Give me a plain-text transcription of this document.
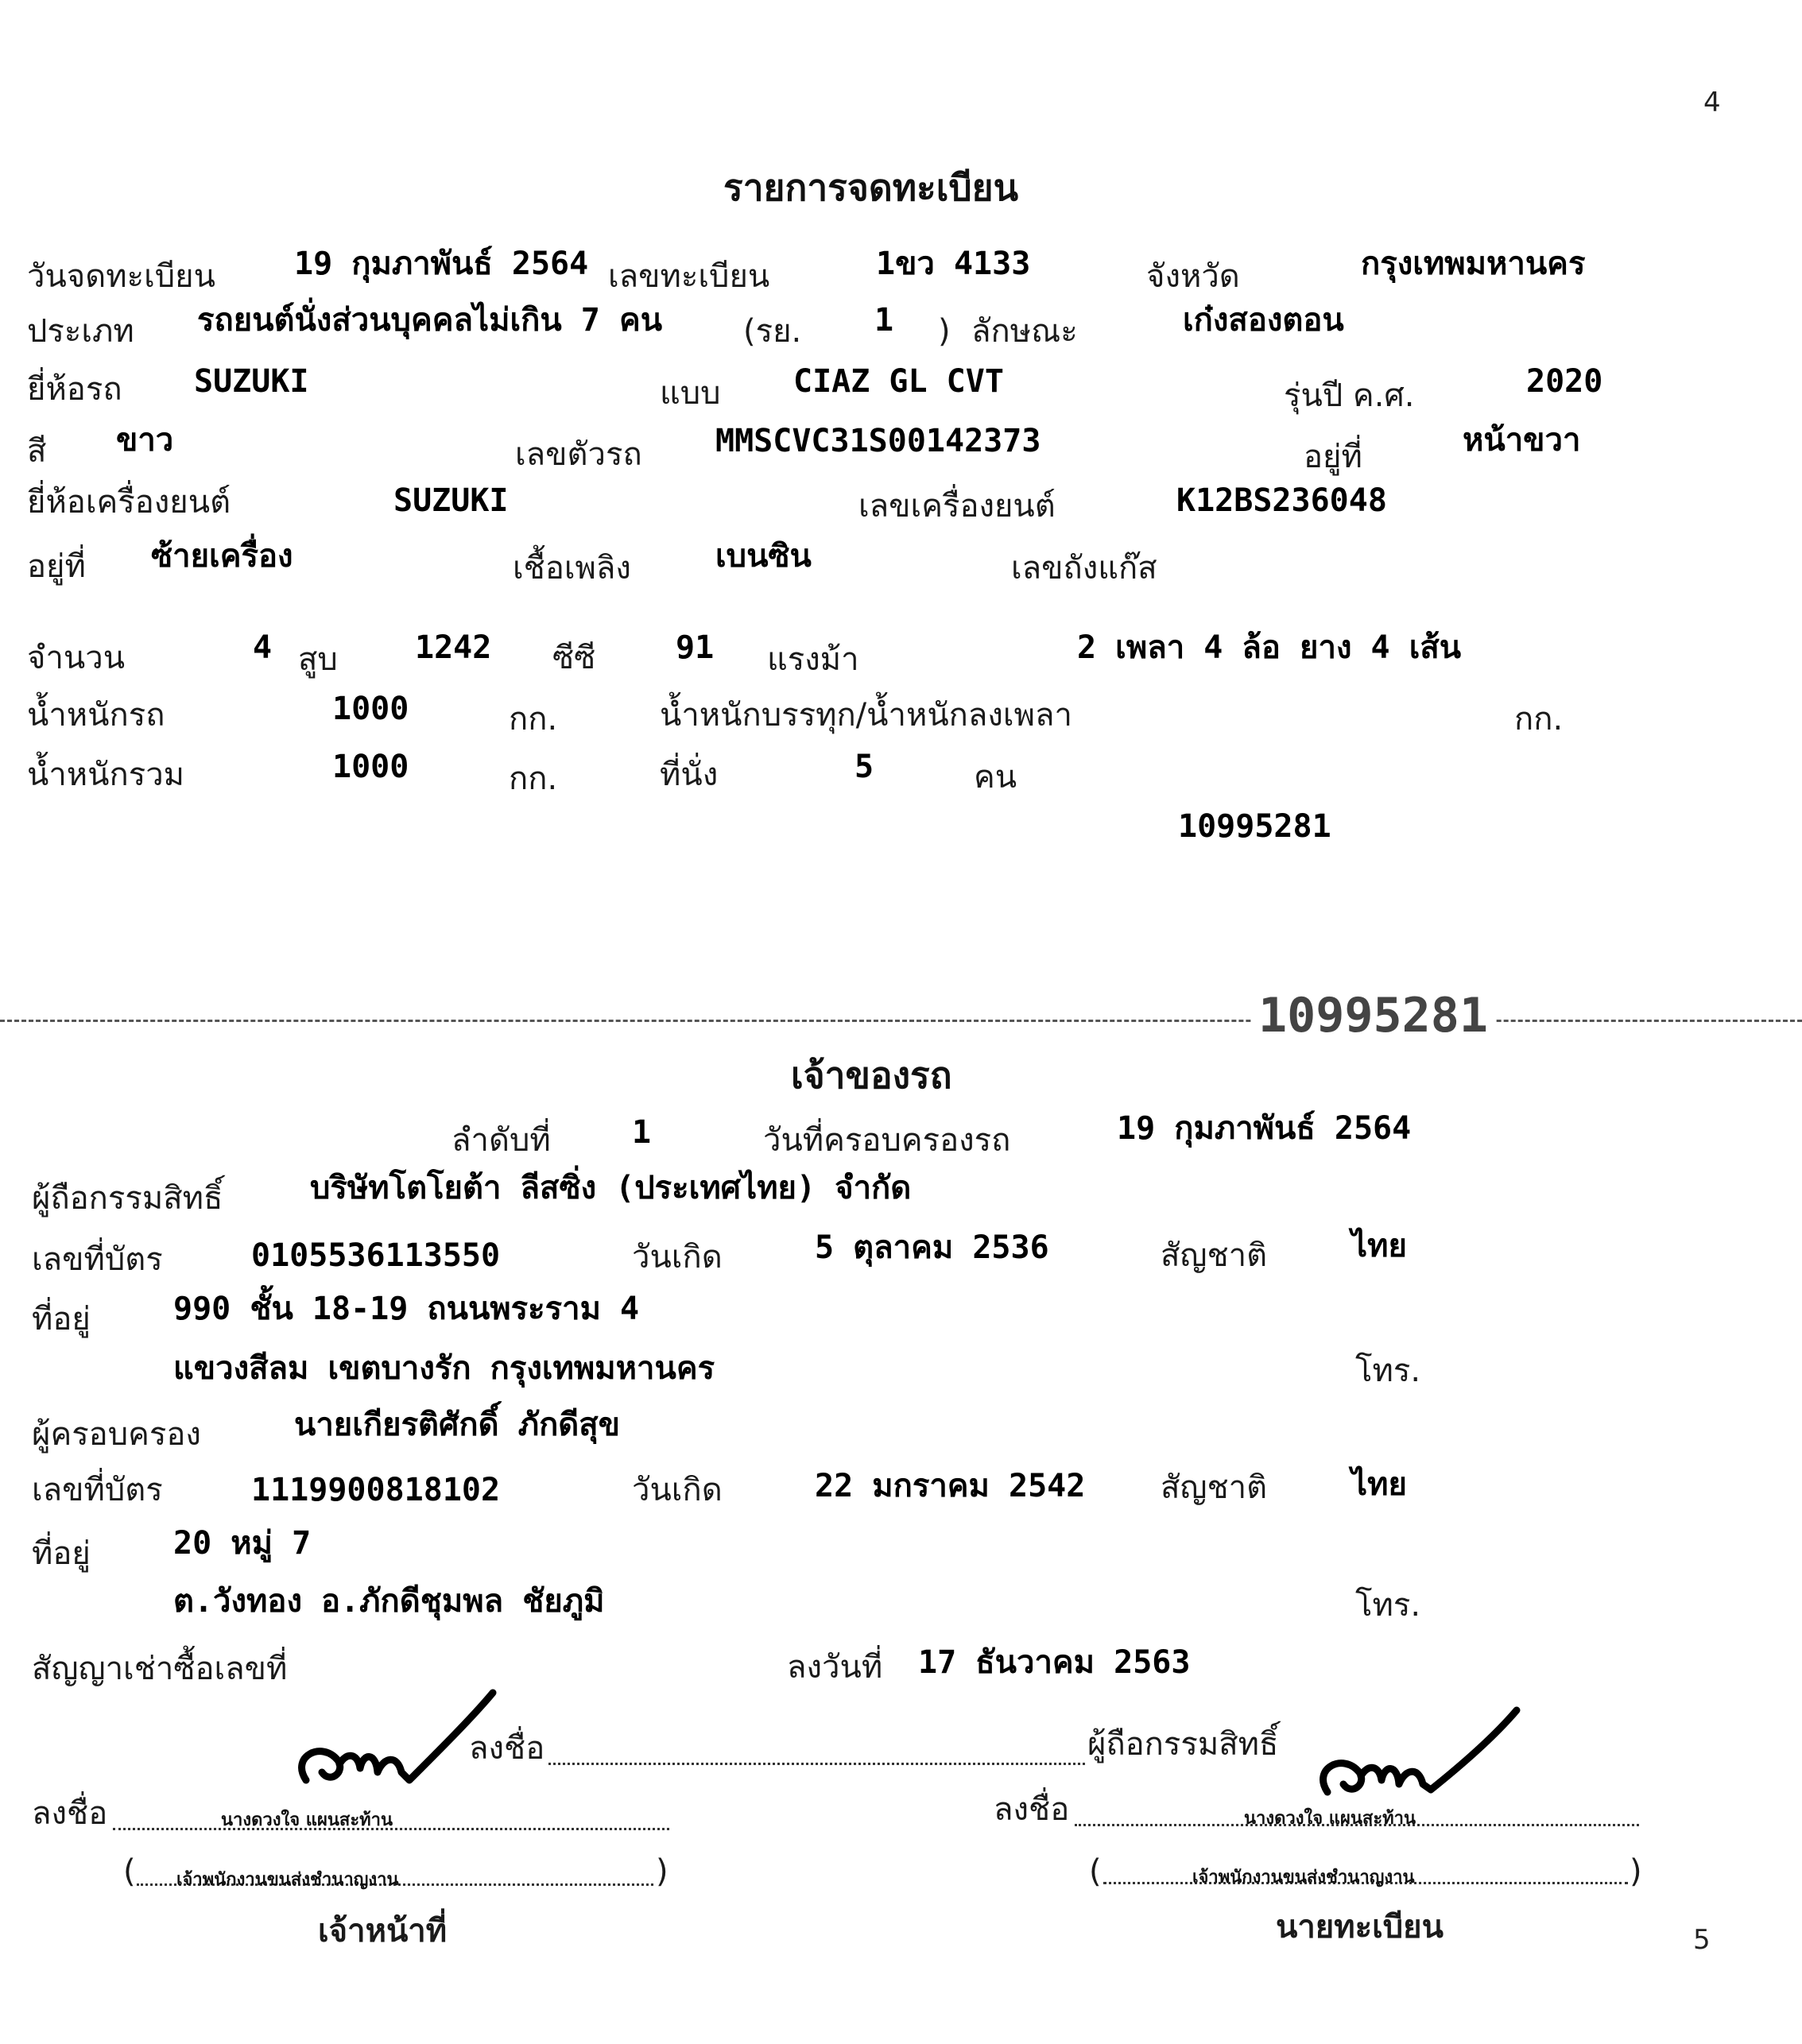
4
5
รายการจดทะเบียน
วันจดทะเบียน 19 กุมภาพันธ์ 2564 เลขทะเบียน	1ขว 4133	จังหวัด	กรุงเทพมหานคร
ประเภท รถยนต์นั่งส่วนบุคคลไม่เกิน 7 คน	(รย. 1 ) ลักษณะ	เก๋งสองตอน
ยี่ห้อรถ SUZUKI	แบบ CIAZ GL CVT	รุ่นปี ค.ศ.	2020
สี ขาว	เลขตัวรถ MMSCVC31S00142373	อยู่ที่	หน้าขวา
ยี่ห้อเครื่องยนต์	SUZUKI	เลขเครื่องยนต์	K12BS236048
อยู่ที่ ซ้ายเครื่อง	เชื้อเพลิง	เบนซิน	เลขถังแก๊ส
จำนวน	4 สูบ 1242 ซีซี	91 แรงม้า	2 เพลา 4 ล้อ ยาง 4 เส้น
น้ำหนักรถ	1000	กก.	น้ำหนักบรรทุก/น้ำหนักลงเพลา	กก.
น้ำหนักรวม	1000	กก.	ที่นั่ง	5	คน
10995281
10995281
เจ้าของรถ
ลำดับที่	1	วันที่ครอบครองรถ	19 กุมภาพันธ์ 2564
ผู้ถือกรรมสิทธิ์	บริษัทโตโยต้า ลีสซิ่ง (ประเทศไทย) จำกัด
เลขที่บัตร	0105536113550	วันเกิด	5 ตุลาคม 2536	สัญชาติ	ไทย
ที่อยู่	990 ชั้น 18-19 ถนนพระราม 4
แขวงสีลม เขตบางรัก กรุงเทพมหานคร	โทร.
ผู้ครอบครอง	นายเกียรติศักดิ์ ภักดีสุข
เลขที่บัตร	1119900818102	วันเกิด	22 มกราคม 2542 สัญชาติ	ไทย
ที่อยู่	20 หมู่ 7
ต.วังทอง อ.ภักดีชุมพล ชัยภูมิ	โทร.
สัญญาเช่าซื้อเลขที่	ลงวันที่ 17 ธันวาคม 2563
ลงชื่อ	ผู้ถือกรรมสิทธิ์
ลงชื่อ	นางดวงใจ แผนสะท้าน
( เจ้าพนักงานขนส่งชำนาญงาน	)
เจ้าหน้าที่
ลงชื่อ	นางดวงใจ แผนสะท้าน
(	เจ้าพนักงานขนส่งชำนาญงาน	)
นายทะเบียน
